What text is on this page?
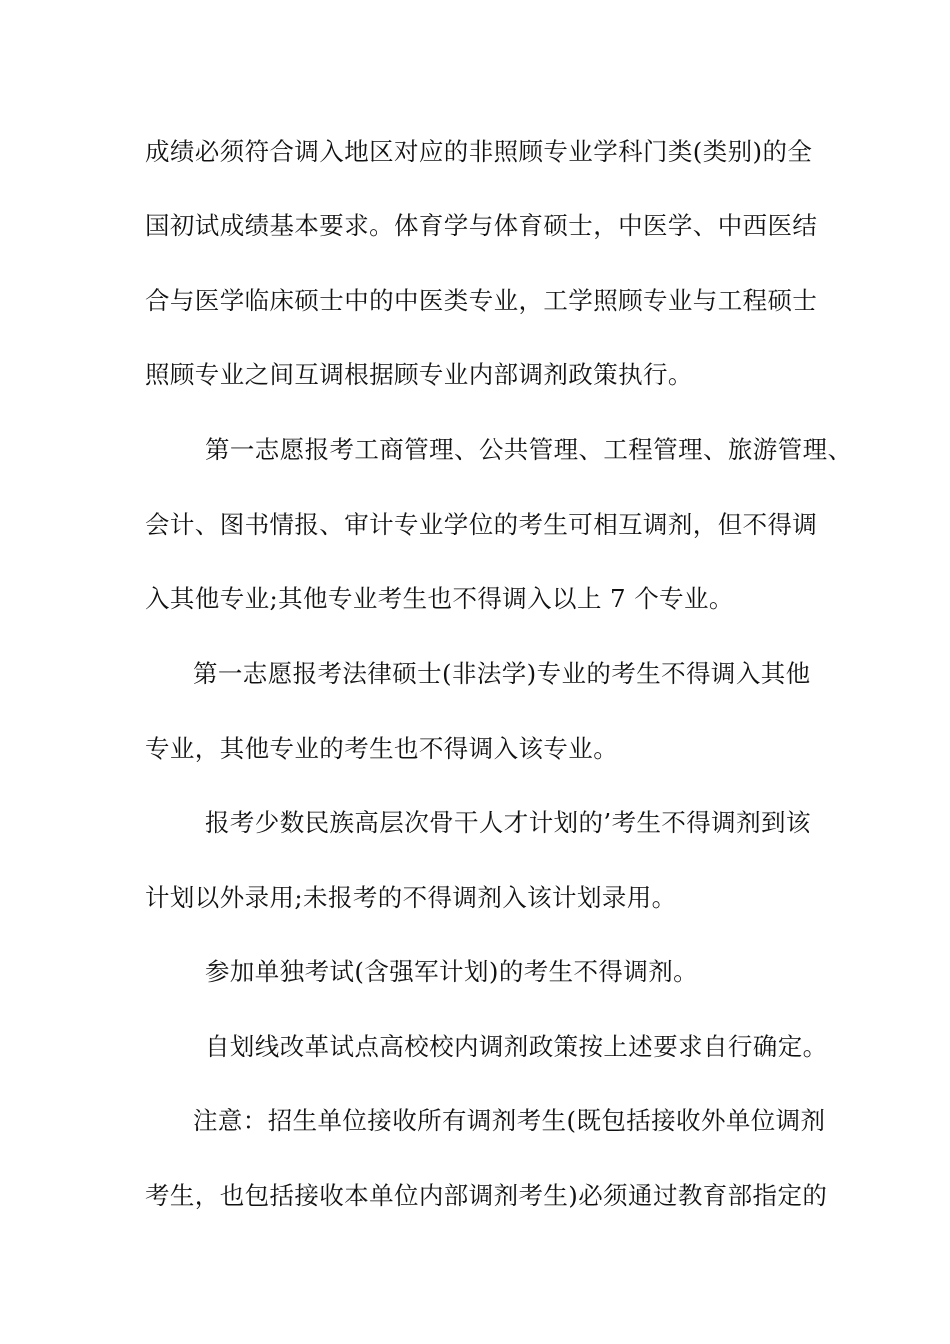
成绩必须符合调入地区对应的非照顾专业学科门类(类别)的全
国初试成绩基本要求。体育学与体育硕士，中医学、中西医结
合与医学临床硕士中的中医类专业，工学照顾专业与工程硕士
照顾专业之间互调根据顾专业内部调剂政策执行。
第一志愿报考工商管理、公共管理、工程管理、旅游管理、
会计、图书情报、审计专业学位的考生可相互调剂，但不得调
入其他专业;其他专业考生也不得调入以上 7 个专业。
第一志愿报考法律硕士(非法学)专业的考生不得调入其他
专业，其他专业的考生也不得调入该专业。
报考少数民族高层次骨干人才计划的’考生不得调剂到该
计划以外录用;未报考的不得调剂入该计划录用。
参加单独考试(含强军计划)的考生不得调剂。
自划线改革试点高校校内调剂政策按上述要求自行确定。
注意：招生单位接收所有调剂考生(既包括接收外单位调剂
考生，也包括接收本单位内部调剂考生)必须通过教育部指定的
